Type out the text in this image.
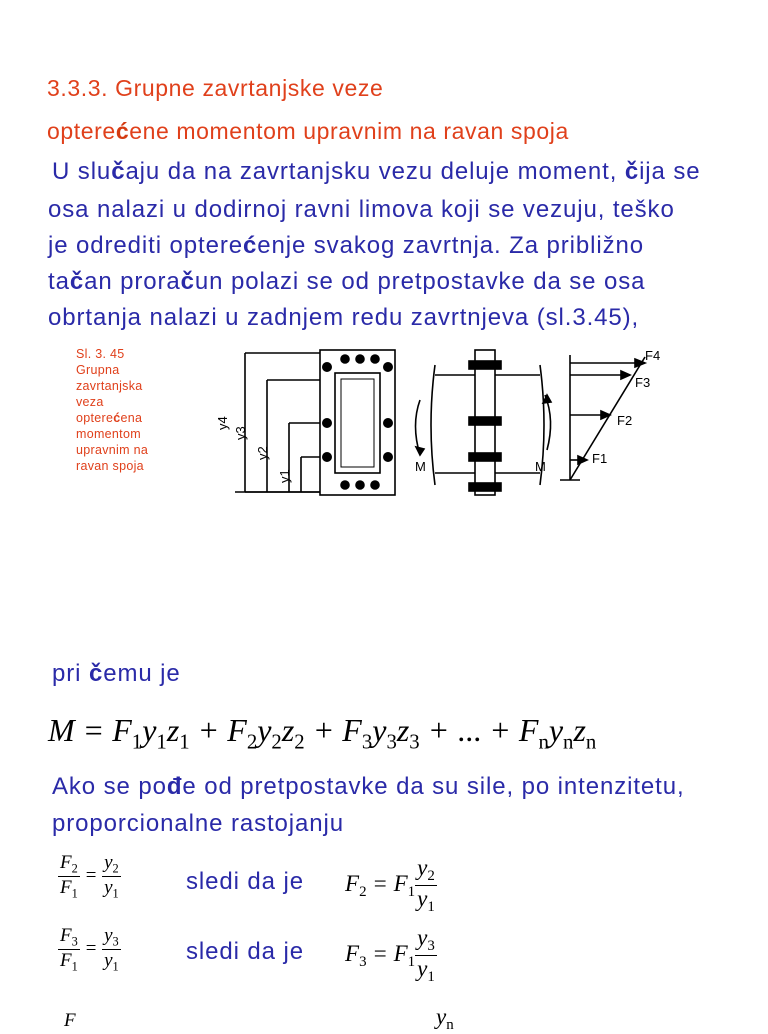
3.3.3. Grupne zavrtanjske veze
opterećene momentom upravnim na ravan spoja
U slučaju da na zavrtanjsku vezu deluje moment, čija se
osa nalazi u dodirnoj ravni limova koji se vezuju, teško
je odrediti opterećenje svakog zavrtnja. Za približno
tačan proračun polazi se od pretpostavke da se osa
obrtanja nalazi u zadnjem redu zavrtnjeva (sl.3.45),
Sl. 3. 45
Grupna
zavrtanjska
veza
opterećena
momentom
upravnim na
ravan spoja
y4
y3
y2
y1
M	M
F4
F3
F2
F1
pri čemu je
$M = F_1y_1z_1 + F_2y_2z_2 + F_3y_3z_3$ + ... + $F_ny_nz_n$
Ako se pođe od pretpostavke da su sile, po intenzitetu,
proporcionalne rastojanju
$\frac{F_2}{F_1} = \frac{y_2}{y_1}$	sledi da je $F_2 = F_1 \frac{y_2}{y_1}$
$\frac{F_3}{F_1} = \frac{y_3}{y_1}$	sledi da je $F_3 = F_1 \frac{y_3}{y_1}$
F	$y_n$
